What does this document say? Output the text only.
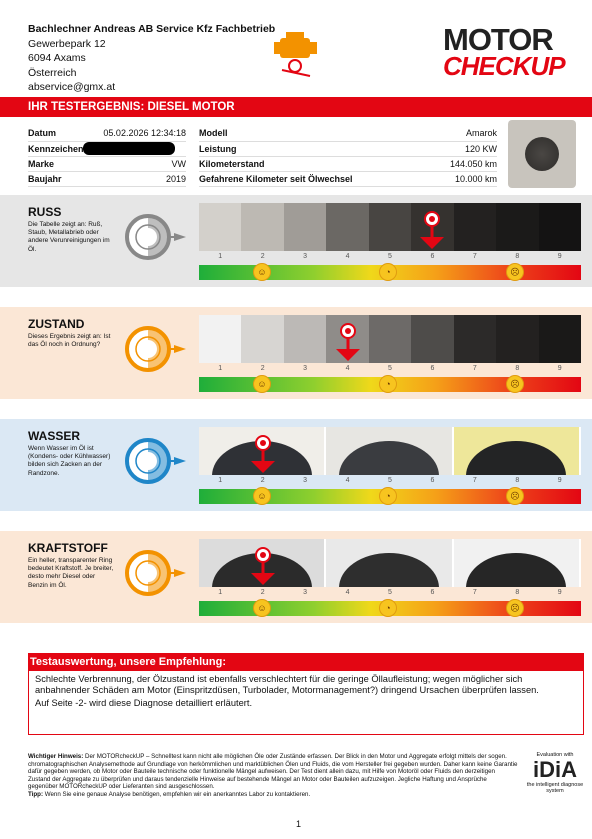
Bachlechner Andreas AB Service Kfz Fachbetrieb
Gewerbepark 12
6094 Axams
Österreich
abservice@gmx.at
MOTOR
CHECKUP
IHR TESTERGEBNIS: DIESEL MOTOR
Datum	05.02.2026 12:34:18
Kennzeichen	

Marke	VW
Baujahr	2019
Modell	Amarok
Leistung	120 KW
Kilometerstand	144.050 km
Gefahrene Kilometer seit Ölwechsel	10.000 km
RUSS
Die Tabelle zeigt an: Ruß, Staub, Metallabrieb oder andere Verunreinigungen im Öl.
1	2	3	4	5	6	7	8	9
☺	◔	☹
ZUSTAND
Dieses Ergebnis zeigt an: Ist das Öl noch in Ordnung?
1	2	3	4	5	6	7	8	9
☺	◔	☹
WASSER
Wenn Wasser im Öl ist (Kondens- oder Kühlwasser) bilden sich Zacken an der Randzone.
1	2	3	4	5	6	7	8	9
☺	◔	☹
KRAFTSTOFF
Ein heller, transparenter Ring bedeutet Kraftstoff. Je breiter, desto mehr Diesel oder Benzin im Öl.
1	2	3	4	5	6	7	8	9
☺	◔	☹
Testauswertung, unsere Empfehlung:
Schlechte Verbrennung, der Ölzustand ist ebenfalls verschlechtert für die geringe Öllaufleistung; wegen möglicher sich anbahnender Schäden am Motor (Einspritzdüsen, Turbolader, Motormanagement?) dringend Ursachen überprüfen lassen.
Auf Seite -2- wird diese Diagnose detailliert erläutert.
Wichtiger Hinweis: Der MOTORcheckUP – Schnelltest kann nicht alle möglichen Öle oder Zustände erfassen. Der Blick in den Motor und Aggregate erfolgt mittels der sogen. chromatographischen Analysemethode auf Grundlage von herkömmlichen und marktüblichen Ölen und Fluids, die vom Hersteller frei gegeben wurden. Daher kann keine Garantie dafür gegeben werden, ob Motor oder Bauteile technische oder funktionelle Mängel aufweisen. Der Test dient allein dazu, mit Hilfe von Motoröl oder Fluids den derzeitigen Zustand der Aggregate zu überprüfen und daraus tendenzielle Hinweise auf bestehende Mängel an Motor oder Bauteilen aufzuzeigen. Jegliche Haftung und Ansprüche gegenüber MOTORcheckUP oder Lieferanten sind ausgeschlossen.
Tipp: Wenn Sie eine genaue Analyse benötigen, empfehlen wir ein anerkanntes Labor zu kontaktieren.
Evaluation with
iDiA
the intelligent diagnose system
1
